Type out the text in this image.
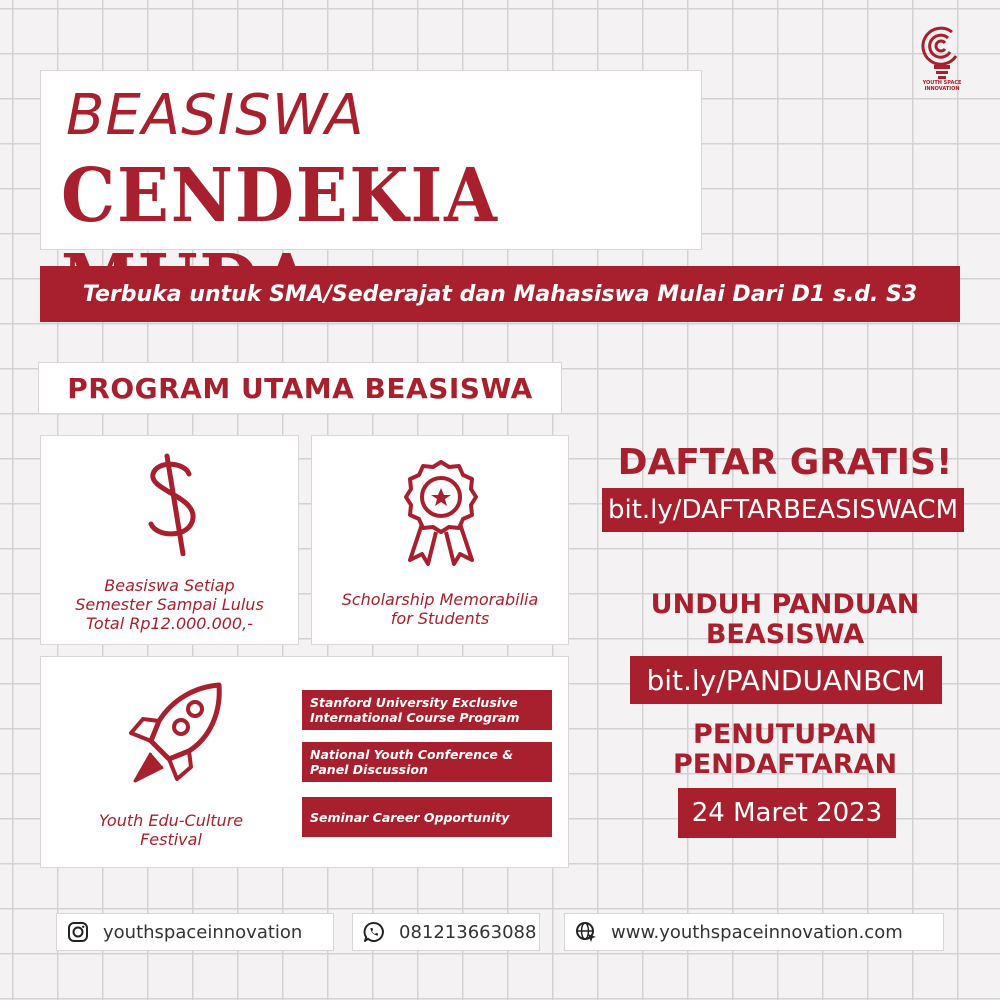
YOUTH SPACE INNOVATION
BEASISWA
CENDEKIA
Terbuka untuk SMA/Sederajat dan Mahasiswa Mulai Dari D1 s.d. S3
PROGRAM UTAMA BEASISWA
Beasiswa Setiap
Semester Sampai Lulus
Total Rp12.000.000,-
Scholarship Memorabilia
for Students
Youth Edu-Culture
Festival
Stanford University Exclusive International Course Program
National Youth Conference & Panel Discussion
Seminar Career Opportunity
DAFTAR GRATIS!
bit.ly/DAFTARBEASISWACM
UNDUH PANDUAN
BEASISWA
bit.ly/PANDUANBCM
PENUTUPAN
PENDAFTARAN
24 Maret 2023
youthspaceinnovation	081213663088	www.youthspaceinnovation.com
